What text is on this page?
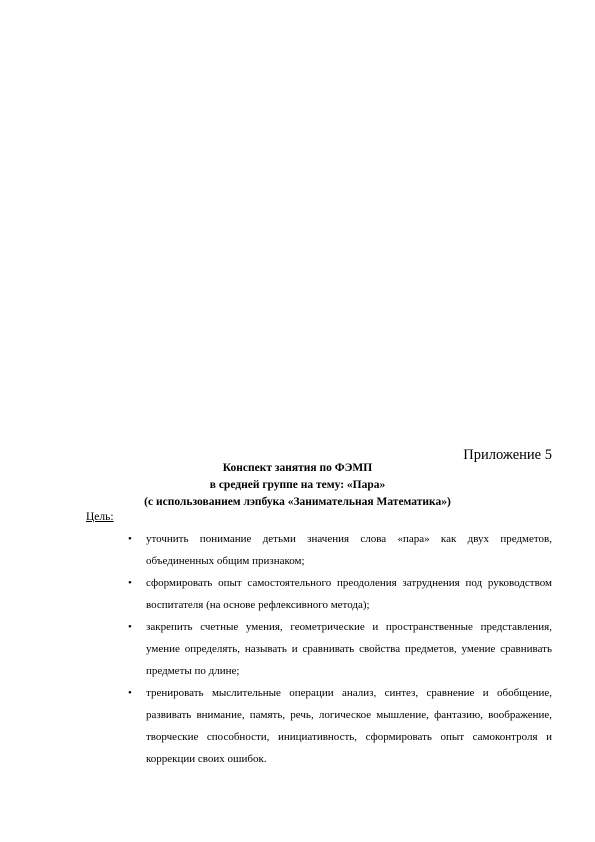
Приложение 5
Конспект занятия по ФЭМП
в средней группе на тему: «Пара»
(с использованием лэпбука «Занимательная Математика»)
Цель:
• уточнить понимание детьми значения слова «пара» как двух предметов, объединенных общим признаком;
• сформировать опыт самостоятельного преодоления затруднения под руководством воспитателя (на основе рефлексивного метода);
• закрепить счетные умения, геометрические и пространственные представления, умение определять, называть и сравнивать свойства предметов, умение сравнивать предметы по длине;
• тренировать мыслительные операции анализ, синтез, сравнение и обобщение, развивать внимание, память, речь, логическое мышление, фантазию, воображение, творческие способности, инициативность, сформировать опыт самоконтроля и коррекции своих ошибок.
